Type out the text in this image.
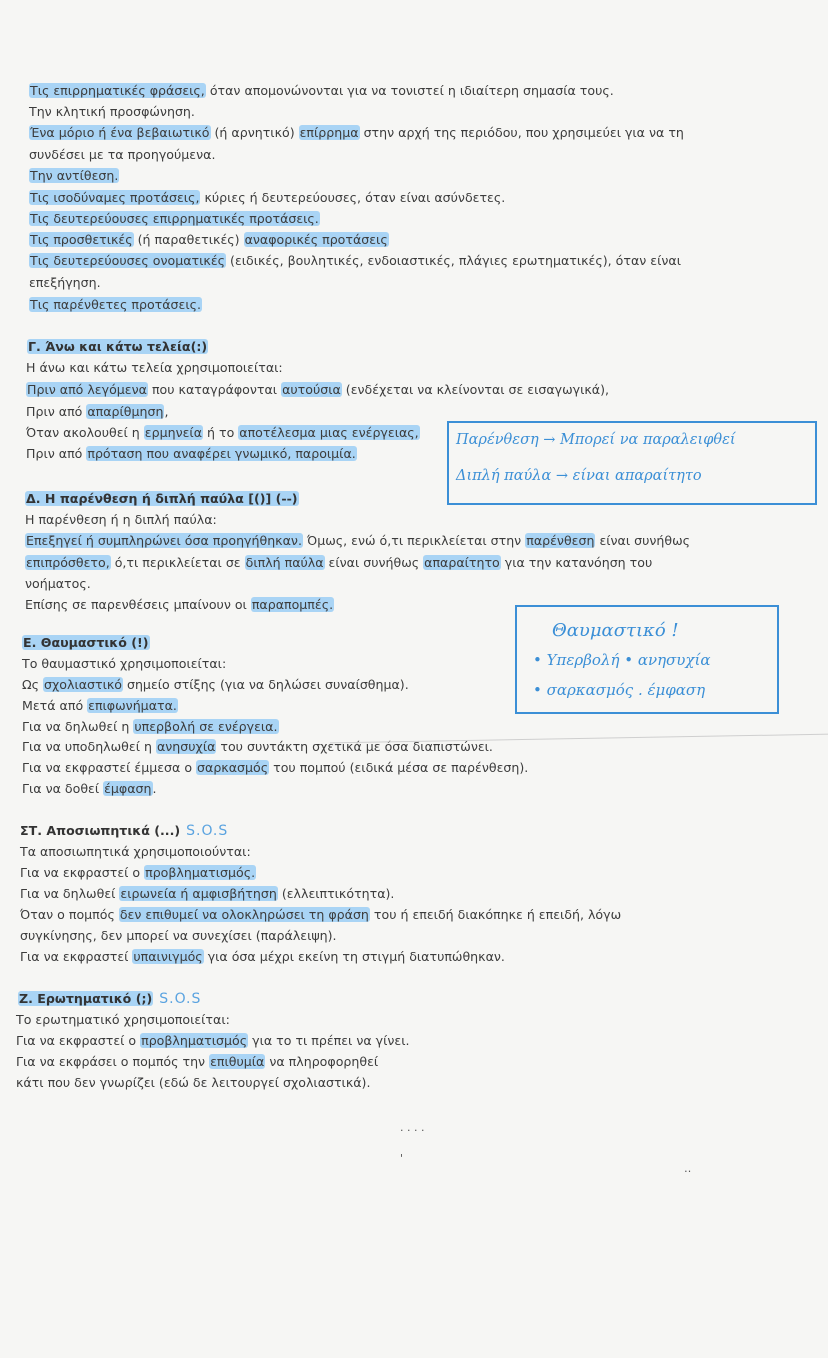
Τις επιρρηματικές φράσεις, όταν απομονώνονται για να τονιστεί η ιδιαίτερη σημασία τους.
Την κλητική προσφώνηση.
Ένα μόριο ή ένα βεβαιωτικό (ή αρνητικό) επίρρημα στην αρχή της περιόδου, που χρησιμεύει για να τη
συνδέσει με τα προηγούμενα.
Την αντίθεση.
Τις ισοδύναμες προτάσεις, κύριες ή δευτερεύουσες, όταν είναι ασύνδετες.
Τις δευτερεύουσες επιρρηματικές προτάσεις.
Τις προσθετικές (ή παραθετικές) αναφορικές προτάσεις
Τις δευτερεύουσες ονοματικές (ειδικές, βουλητικές, ενδοιαστικές, πλάγιες ερωτηματικές), όταν είναι
επεξήγηση.
Τις παρένθετες προτάσεις.
Γ. Άνω και κάτω τελεία(:)
Η άνω και κάτω τελεία χρησιμοποιείται:
Πριν από λεγόμενα που καταγράφονται αυτούσια (ενδέχεται να κλείνονται σε εισαγωγικά),
Πριν από απαρίθμηση,
Όταν ακολουθεί η ερμηνεία ή το αποτέλεσμα μιας ενέργειας,
Πριν από πρόταση που αναφέρει γνωμικό, παροιμία.
Παρένθεση → Μπορεί να παραλειφθεί
Διπλή παύλα → είναι απαραίτητο
Δ. Η παρένθεση ή διπλή παύλα [()] (--)
Η παρένθεση ή η διπλή παύλα:
Επεξηγεί ή συμπληρώνει όσα προηγήθηκαν. Όμως, ενώ ό,τι περικλείεται στην παρένθεση είναι συνήθως
επιπρόσθετο, ό,τι περικλείεται σε διπλή παύλα είναι συνήθως απαραίτητο για την κατανόηση του
νοήματος.
Επίσης σε παρενθέσεις μπαίνουν οι παραπομπές.
Θαυμαστικό !
• Υπερβολή • ανησυχία
• σαρκασμός . έμφαση
Ε. Θαυμαστικό (!)
Το θαυμαστικό χρησιμοποιείται:
Ως σχολιαστικό σημείο στίξης (για να δηλώσει συναίσθημα).
Μετά από επιφωνήματα.
Για να δηλωθεί η υπερβολή σε ενέργεια.
Για να υποδηλωθεί η ανησυχία του συντάκτη σχετικά με όσα διαπιστώνει.
Για να εκφραστεί έμμεσα ο σαρκασμός του πομπού (ειδικά μέσα σε παρένθεση).
Για να δοθεί έμφαση.
ΣΤ. Αποσιωπητικά (...) S.O.S
Τα αποσιωπητικά χρησιμοποιούνται:
Για να εκφραστεί ο προβληματισμός.
Για να δηλωθεί ειρωνεία ή αμφισβήτηση (ελλειπτικότητα).
Όταν ο πομπός δεν επιθυμεί να ολοκληρώσει τη φράση του ή επειδή διακόπηκε ή επειδή, λόγω
συγκίνησης, δεν μπορεί να συνεχίσει (παράλειψη).
Για να εκφραστεί υπαινιγμός για όσα μέχρι εκείνη τη στιγμή διατυπώθηκαν.
Ζ. Ερωτηματικό (;) S.O.S
Το ερωτηματικό χρησιμοποιείται:
Για να εκφραστεί ο προβληματισμός για το τι πρέπει να γίνει.
Για να εκφράσει ο πομπός την επιθυμία να πληροφορηθεί
κάτι που δεν γνωρίζει (εδώ δε λειτουργεί σχολιαστικά).
· · · ·
'
‥
